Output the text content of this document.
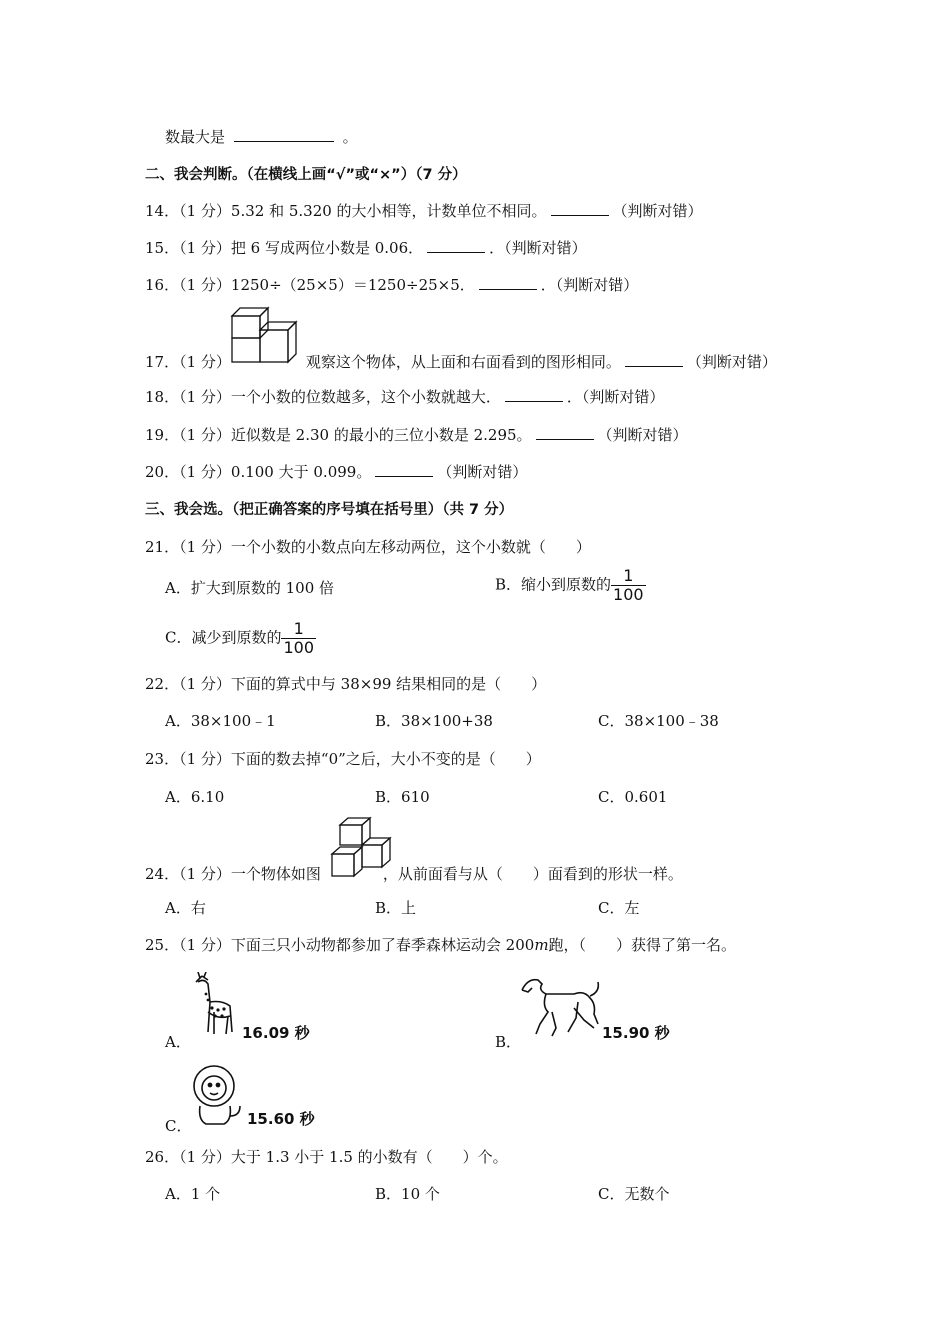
数最大是	。
二、我会判断。（在横线上画“√”或“×”）（7 分）
14．（1 分）5.32 和 5.320 的大小相等，计数单位不相同。	（判断对错）
15．（1 分）把 6 写成两位小数是 0.06．	．（判断对错）
16．（1 分）1250÷（25×5）＝1250÷25×5．	．（判断对错）
17．（1 分）	观察这个物体，从上面和右面看到的图形相同。	（判断对错）
18．（1 分）一个小数的位数越多，这个小数就越大．	．（判断对错）
19．（1 分）近似数是 2.30 的最小的三位小数是 2.295。	（判断对错）
20．（1 分）0.100 大于 0.099。	（判断对错）
三、我会选。（把正确答案的序号填在括号里）（共 7 分）
21．（1 分）一个小数的小数点向左移动两位，这个小数就（　　）
A．扩大到原数的 100 倍	B．缩小到原数的 $\frac{1}{100}$
C．减少到原数的 $\frac{1}{100}$
22．（1 分）下面的算式中与 38×99 结果相同的是（　　）
A．38×100﹣1	B．38×100+38	C．38×100﹣38
23．（1 分）下面的数去掉“0”之后，大小不变的是（　　）
A．6.10	B．610	C．0.601
24．（1 分）一个物体如图	，从前面看与从（　　）面看到的形状一样。
A．右	B．上	C．左
25．（1 分）下面三只小动物都参加了春季森林运动会 200m跑，（　　）获得了第一名。
A．	16.09 秒	B．	15.90 秒
C．	15.60 秒
26．（1 分）大于 1.3 小于 1.5 的小数有（　　）个。
A．1 个	B．10 个	C．无数个
